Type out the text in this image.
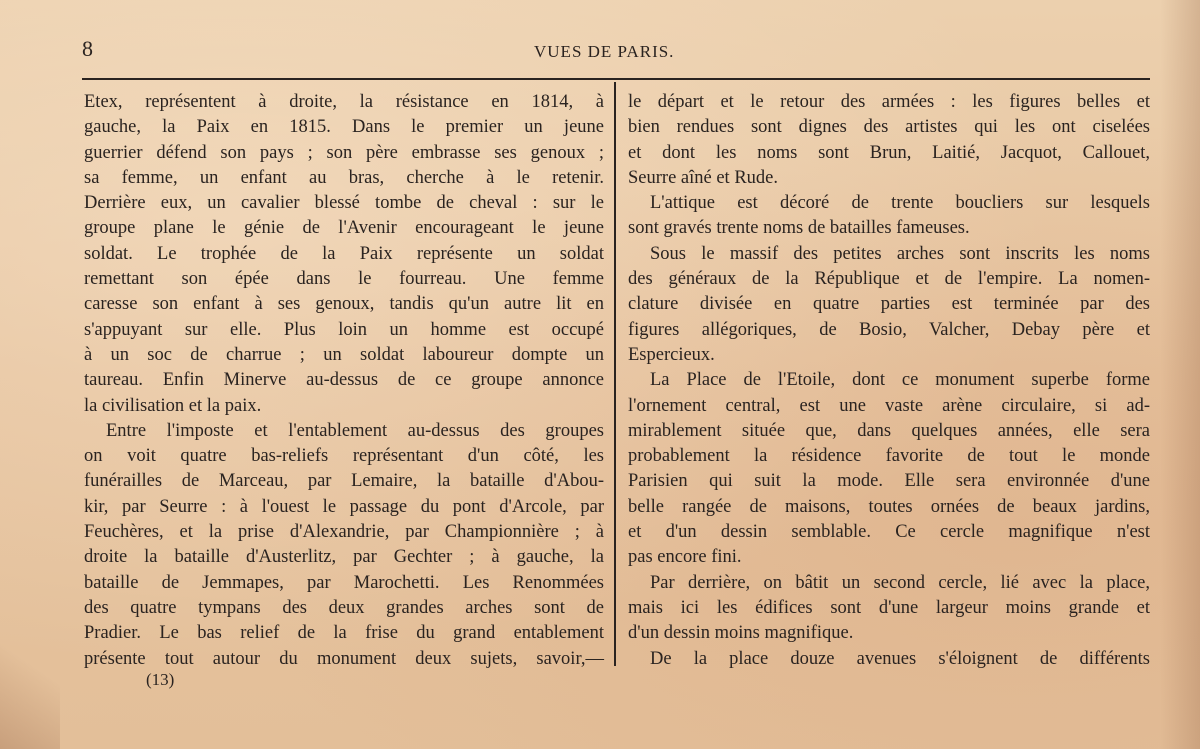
8	VUES DE PARIS.
Etex, représentent à droite, la résistance en 1814, à
gauche, la Paix en 1815. Dans le premier un jeune
guerrier défend son pays ; son père embrasse ses genoux ;
sa femme, un enfant au bras, cherche à le retenir.
Derrière eux, un cavalier blessé tombe de cheval : sur le
groupe plane le génie de l'Avenir encourageant le jeune
soldat. Le trophée de la Paix représente un soldat
remettant son épée dans le fourreau. Une femme
caresse son enfant à ses genoux, tandis qu'un autre lit en
s'appuyant sur elle. Plus loin un homme est occupé
à un soc de charrue ; un soldat laboureur dompte un
taureau. Enfin Minerve au-dessus de ce groupe annonce
la civilisation et la paix.
Entre l'imposte et l'entablement au-dessus des groupes
on voit quatre bas-reliefs représentant d'un côté, les
funérailles de Marceau, par Lemaire, la bataille d'Abou-
kir, par Seurre : à l'ouest le passage du pont d'Arcole, par
Feuchères, et la prise d'Alexandrie, par Championnière ; à
droite la bataille d'Austerlitz, par Gechter ; à gauche, la
bataille de Jemmapes, par Marochetti. Les Renommées
des quatre tympans des deux grandes arches sont de
Pradier. Le bas relief de la frise du grand entablement
présente tout autour du monument deux sujets, savoir,—
le départ et le retour des armées : les figures belles et
bien rendues sont dignes des artistes qui les ont ciselées
et dont les noms sont Brun, Laitié, Jacquot, Callouet,
Seurre aîné et Rude.
L'attique est décoré de trente boucliers sur lesquels
sont gravés trente noms de batailles fameuses.
Sous le massif des petites arches sont inscrits les noms
des généraux de la République et de l'empire. La nomen-
clature divisée en quatre parties est terminée par des
figures allégoriques, de Bosio, Valcher, Debay père et
Espercieux.
La Place de l'Etoile, dont ce monument superbe forme
l'ornement central, est une vaste arène circulaire, si ad-
mirablement située que, dans quelques années, elle sera
probablement la résidence favorite de tout le monde
Parisien qui suit la mode. Elle sera environnée d'une
belle rangée de maisons, toutes ornées de beaux jardins,
et d'un dessin semblable. Ce cercle magnifique n'est
pas encore fini.
Par derrière, on bâtit un second cercle, lié avec la place,
mais ici les édifices sont d'une largeur moins grande et
d'un dessin moins magnifique.
De la place douze avenues s'éloignent de différents
(13)
